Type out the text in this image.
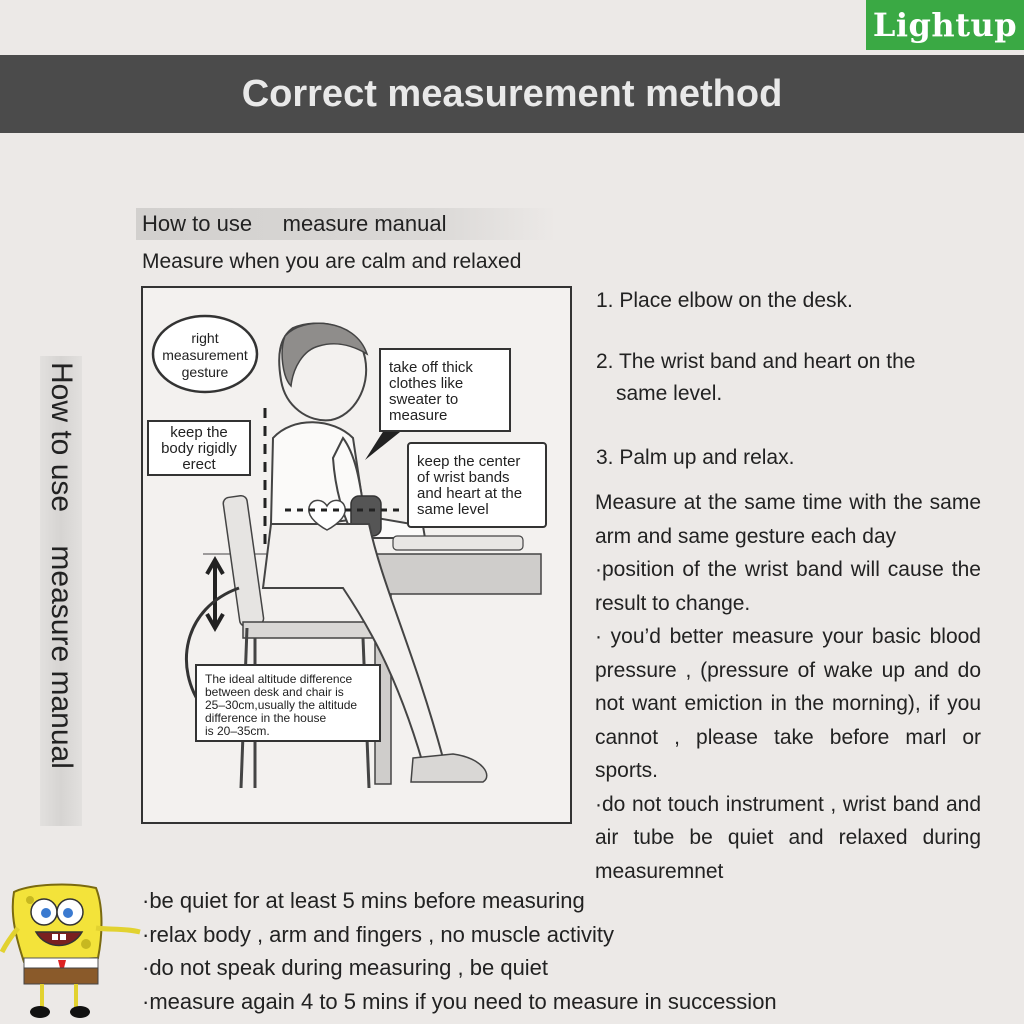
Lightup
Correct measurement method
How to use    measure manual
How to use     measure manual
Measure when you are calm and relaxed
right
measurement
gesture
keep the
body rigidly
erect
take off thick
clothes like
sweater to
measure
keep the center
of wrist bands
and heart at the
same level
The ideal altitude difference
between desk and chair is
25–30cm,usually the altitude
difference in the house
is 20–35cm.
1. Place elbow on the desk.
2. The wrist band and heart on the
same level.
3. Palm up and relax.

Measure at the same time with the same arm and same gesture each day

·position of the wrist band will cause the result to change.

· you’d better measure your basic blood pressure , (pressure of wake up and do not want emiction in the morning), if you cannot , please take before marl or sports.

·do not touch instrument , wrist band and air tube be quiet and relaxed during measuremnet

·be quiet for at least 5 mins before measuring

·relax body , arm and fingers , no muscle activity

·do not speak during measuring , be quiet

·measure again 4 to 5 mins if you need to measure in succession
